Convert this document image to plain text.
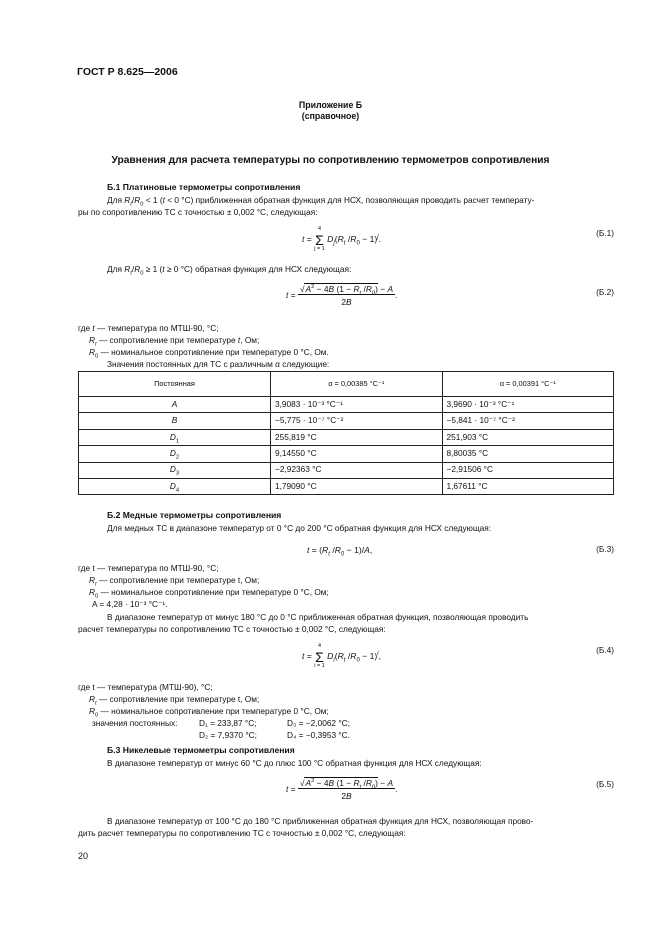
ГОСТ Р 8.625—2006
Приложение Б
(справочное)
Уравнения для расчета температуры по сопротивлению термометров сопротивления
Б.1 Платиновые термометры сопротивления
Для $R_t/R_0 < 1$ (t < 0 °С) приближенная обратная функция для НСХ, позволяющая проводить расчет температу-
ры по сопротивлению ТС с точностью ± 0,002 °С, следующая:
t =
4
Σ
j = 1
$D_j(R_t$ $/R_0 - 1)^j$.
(Б.1)
Для $R_t/R_0 \ge 1$ (t ≥ 0 °С) обратная функция для НСХ следующая:
$t = \frac{√A^2 - 4B (1 - R_t /R_0) - A}{2B}$ .	(Б.2)
где t — температура по МТШ-90, °С;
$R_t$ — сопротивление при температуре t, Ом;
$R_0$ — номинальное сопротивление при температуре 0 °С, Ом.
Значения постоянных для ТС с различным α следующие:
Постоянная	α = 0,00385 °С⁻¹	α = 0,00391 °С⁻¹
A	3,9083 · 10⁻³ °С⁻¹	3,9690 · 10⁻³ °С⁻¹
B	−5,775 · 10⁻⁷ °С⁻²	−5,841 · 10⁻⁷ °С⁻²
$D_1$	255,819 °С	251,903 °С
$D_2$	9,14550 °С	8,80035 °С
$D_3$	−2,92363 °С	−2,91506 °С
$D_4$	1,79090 °С	1,67611 °С
Б.2 Медные термометры сопротивления
Для медных ТС в диапазоне температур от 0 °С до 200 °С обратная функция для НСХ следующая:
$t = (R_t$ $/R_0 - 1)/A$,	(Б.3)
где t — температура по МТШ-90, °С;
$R_t$ — сопротивление при температуре t, Ом;
$R_0$ — номинальное сопротивление при температуре 0 °С, Ом;
A = 4,28 · 10⁻³ °С⁻¹.
В диапазоне температур от минус 180 °С до 0 °С приближенная обратная функция, позволяющая проводить
расчет температуры по сопротивлению ТС с точностью ± 0,002 °С, следующая:
t =
4
Σ
i = 1
$D_i(R_t$ $/R_0 - 1)^i$,
(Б.4)
где t — температура (МТШ-90), °С;
$R_t$ — сопротивление при температуре t, Ом;
$R_0$ — номинальное сопротивление при температуре 0 °С, Ом;
значения постоянных:	D₁ = 233,87 °С;	D₃ = −2,0062 °С;
D₂ = 7,9370 °С;	D₄ = −0,3953 °С.
Б.3 Никелевые термометры сопротивления
В диапазоне температур от минус 60 °С до плюс 100 °С обратная функция для НСХ следующая:
$t = \frac{√A^2 - 4B (1 - R_t /R_0) - A}{2B}$ .	(Б.5)
В диапазоне температур от 100 °С до 180 °С приближенная обратная функция для НСХ, позволяющая прово-
дить расчет температуры по сопротивлению ТС с точностью ± 0,002 °С, следующая:
20
